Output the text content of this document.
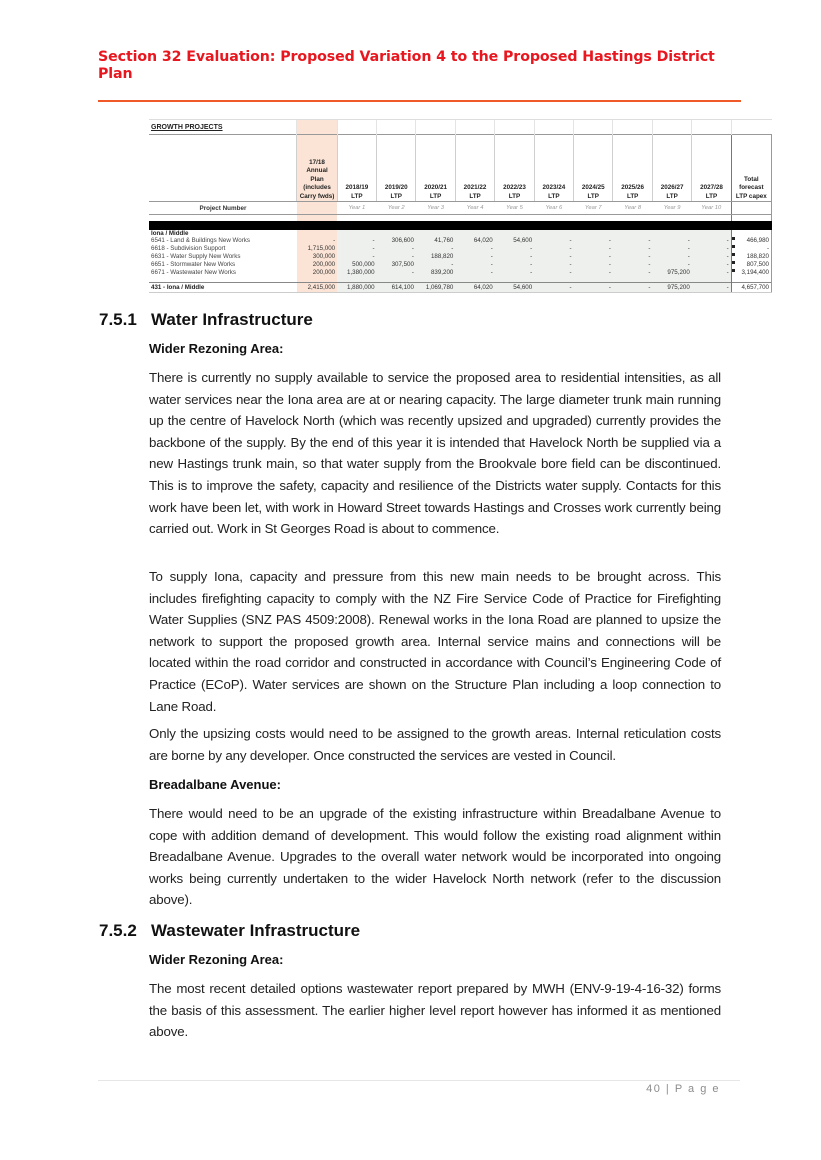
Section 32 Evaluation: Proposed Variation 4 to the Proposed Hastings District Plan
GROWTH PROJECTS												
	17/18 Annual Plan (includes Carry fwds)	2018/19 LTP	2019/20 LTP	2020/21 LTP	2021/22 LTP	2022/23 LTP	2023/24 LTP	2024/25 LTP	2025/26 LTP	2026/27 LTP	2027/28 LTP	Total forecast LTP capex
Project Number		Year 1	Year 2	Year 3	Year 4	Year 5	Year 6	Year 7	Year 8	Year 9	Year 10	

Iona / Middle												
6541 - Land & Buildings New Works	-	-	306,600	41,760	64,020	54,600	-	-	-	-	-	466,980
6618 - Subdivision Support	1,715,000	-	-	-	-	-	-	-	-	-	-	-
6631 - Water Supply New Works	300,000	-	-	188,820	-	-	-	-	-	-	-	188,820
6651 - Stormwater New Works	200,000	500,000	307,500	-	-	-	-	-	-	-	-	807,500
6671 - Wastewater New Works	200,000	1,380,000	-	839,200	-	-	-	-	-	975,200	-	3,194,400

431 - Iona / Middle	2,415,000	1,880,000	614,100	1,069,780	64,020	54,600	-	-	-	975,200	-	4,657,700
7.5.1 Water Infrastructure
Wider Rezoning Area:
There is currently no supply available to service the proposed area to residential intensities, as all water services near the Iona area are at or nearing capacity. The large diameter trunk main running up the centre of Havelock North (which was recently upsized and upgraded) currently provides the backbone of the supply. By the end of this year it is intended that Havelock North be supplied via a new Hastings trunk main, so that water supply from the Brookvale bore field can be discontinued. This is to improve the safety, capacity and resilience of the Districts water supply. Contacts for this work have been let, with work in Howard Street towards Hastings and Crosses work currently being carried out. Work in St Georges Road is about to commence.
To supply Iona, capacity and pressure from this new main needs to be brought across. This includes firefighting capacity to comply with the NZ Fire Service Code of Practice for Firefighting Water Supplies (SNZ PAS 4509:2008). Renewal works in the Iona Road are planned to upsize the network to support the proposed growth area. Internal service mains and connections will be located within the road corridor and constructed in accordance with Council’s Engineering Code of Practice (ECoP). Water services are shown on the Structure Plan including a loop connection to Lane Road.
Only the upsizing costs would need to be assigned to the growth areas. Internal reticulation costs are borne by any developer. Once constructed the services are vested in Council.
Breadalbane Avenue:
There would need to be an upgrade of the existing infrastructure within Breadalbane Avenue to cope with addition demand of development. This would follow the existing road alignment within Breadalbane Avenue. Upgrades to the overall water network would be incorporated into ongoing works being currently undertaken to the wider Havelock North network (refer to the discussion above).
7.5.2 Wastewater Infrastructure
Wider Rezoning Area:
The most recent detailed options wastewater report prepared by MWH (ENV-9-19-4-16-32) forms the basis of this assessment. The earlier higher level report however has informed it as mentioned above.
40 | P a g e
